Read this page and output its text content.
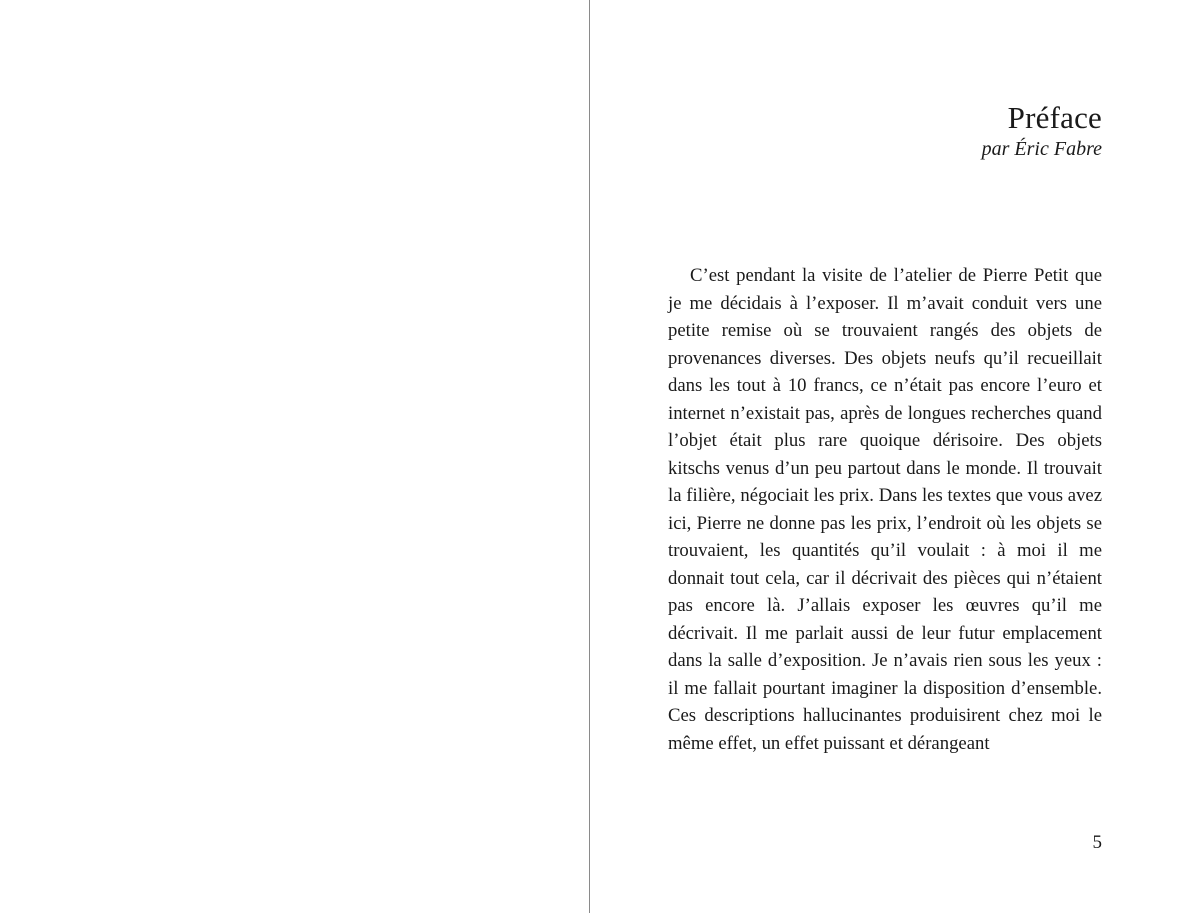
Préface
par Éric Fabre

C’est pendant la visite de l’atelier de Pierre Petit que je me décidais à l’exposer. Il m’avait conduit vers une petite remise où se trouvaient rangés des objets de provenances diverses. Des objets neufs qu’il recueillait dans les tout à 10 francs, ce n’était pas encore l’euro et internet n’existait pas, après de longues recherches quand l’objet était plus rare quoique dérisoire. Des objets kitschs venus d’un peu partout dans le monde. Il trouvait la filière, négociait les prix. Dans les textes que vous avez ici, Pierre ne donne pas les prix, l’endroit où les objets se trouvaient, les quantités qu’il voulait : à moi il me donnait tout cela, car il décrivait des pièces qui n’étaient pas encore là. J’allais exposer les œuvres qu’il me décrivait. Il me parlait aussi de leur futur emplacement dans la salle d’exposition. Je n’avais rien sous les yeux : il me fallait pourtant imaginer la disposition d’ensemble. Ces descriptions hallucinantes produisirent chez moi le même effet, un effet puissant et dérangeant

5
